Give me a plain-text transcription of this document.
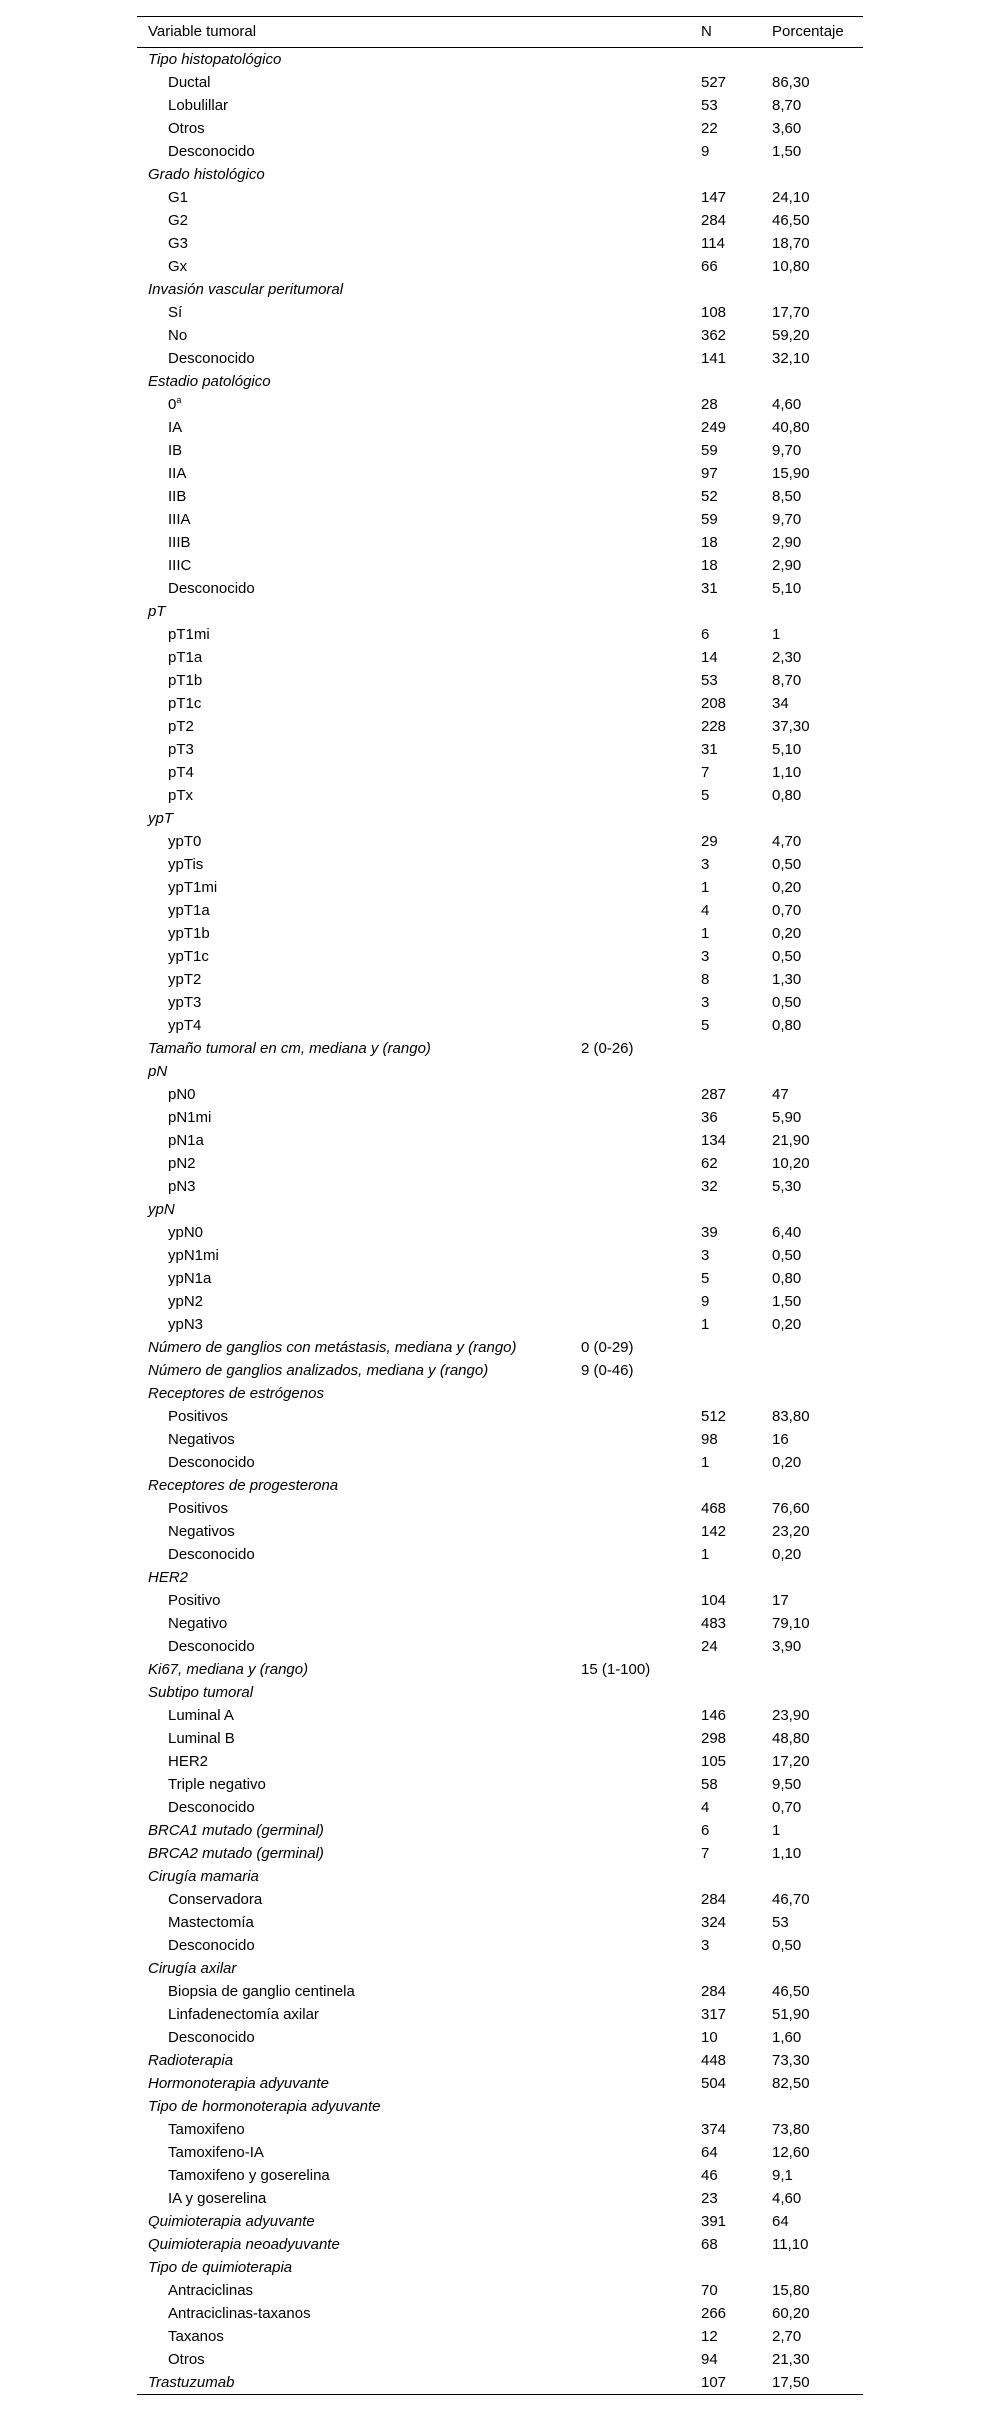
Variable tumoral	N	Porcentaje
Tipo histopatológico
Ductal	527	86,30
Lobulillar	53	8,70
Otros	22	3,60
Desconocido	9	1,50
Grado histológico
G1	147	24,10
G2	284	46,50
G3	114	18,70
Gx	66	10,80
Invasión vascular peritumoral
Sí	108	17,70
No	362	59,20
Desconocido	141	32,10
Estadio patológico
0$^a$	28	4,60
IA	249	40,80
IB	59	9,70
IIA	97	15,90
IIB	52	8,50
IIIA	59	9,70
IIIB	18	2,90
IIIC	18	2,90
Desconocido	31	5,10
pT
pT1mi	6	1
pT1a	14	2,30
pT1b	53	8,70
pT1c	208	34
pT2	228	37,30
pT3	31	5,10
pT4	7	1,10
pTx	5	0,80
ypT
ypT0	29	4,70
ypTis	3	0,50
ypT1mi	1	0,20
ypT1a	4	0,70
ypT1b	1	0,20
ypT1c	3	0,50
ypT2	8	1,30
ypT3	3	0,50
ypT4	5	0,80
Tamaño tumoral en cm, mediana y (rango)	2 (0-26)
pN
pN0	287	47
pN1mi	36	5,90
pN1a	134	21,90
pN2	62	10,20
pN3	32	5,30
ypN
ypN0	39	6,40
ypN1mi	3	0,50
ypN1a	5	0,80
ypN2	9	1,50
ypN3	1	0,20
Número de ganglios con metástasis, mediana y (rango)	0 (0-29)
Número de ganglios analizados, mediana y (rango)	9 (0-46)
Receptores de estrógenos
Positivos	512	83,80
Negativos	98	16
Desconocido	1	0,20
Receptores de progesterona
Positivos	468	76,60
Negativos	142	23,20
Desconocido	1	0,20
HER2
Positivo	104	17
Negativo	483	79,10
Desconocido	24	3,90
Ki67, mediana y (rango)	15 (1-100)
Subtipo tumoral
Luminal A	146	23,90
Luminal B	298	48,80
HER2	105	17,20
Triple negativo	58	9,50
Desconocido	4	0,70
BRCA1 mutado (germinal)	6	1
BRCA2 mutado (germinal)	7	1,10
Cirugía mamaria
Conservadora	284	46,70
Mastectomía	324	53
Desconocido	3	0,50
Cirugía axilar
Biopsia de ganglio centinela	284	46,50
Linfadenectomía axilar	317	51,90
Desconocido	10	1,60
Radioterapia	448	73,30
Hormonoterapia adyuvante	504	82,50
Tipo de hormonoterapia adyuvante
Tamoxifeno	374	73,80
Tamoxifeno-IA	64	12,60
Tamoxifeno y goserelina	46	9,1
IA y goserelina	23	4,60
Quimioterapia adyuvante	391	64
Quimioterapia neoadyuvante	68	11,10
Tipo de quimioterapia
Antraciclinas	70	15,80
Antraciclinas-taxanos	266	60,20
Taxanos	12	2,70
Otros	94	21,30
Trastuzumab	107	17,50
